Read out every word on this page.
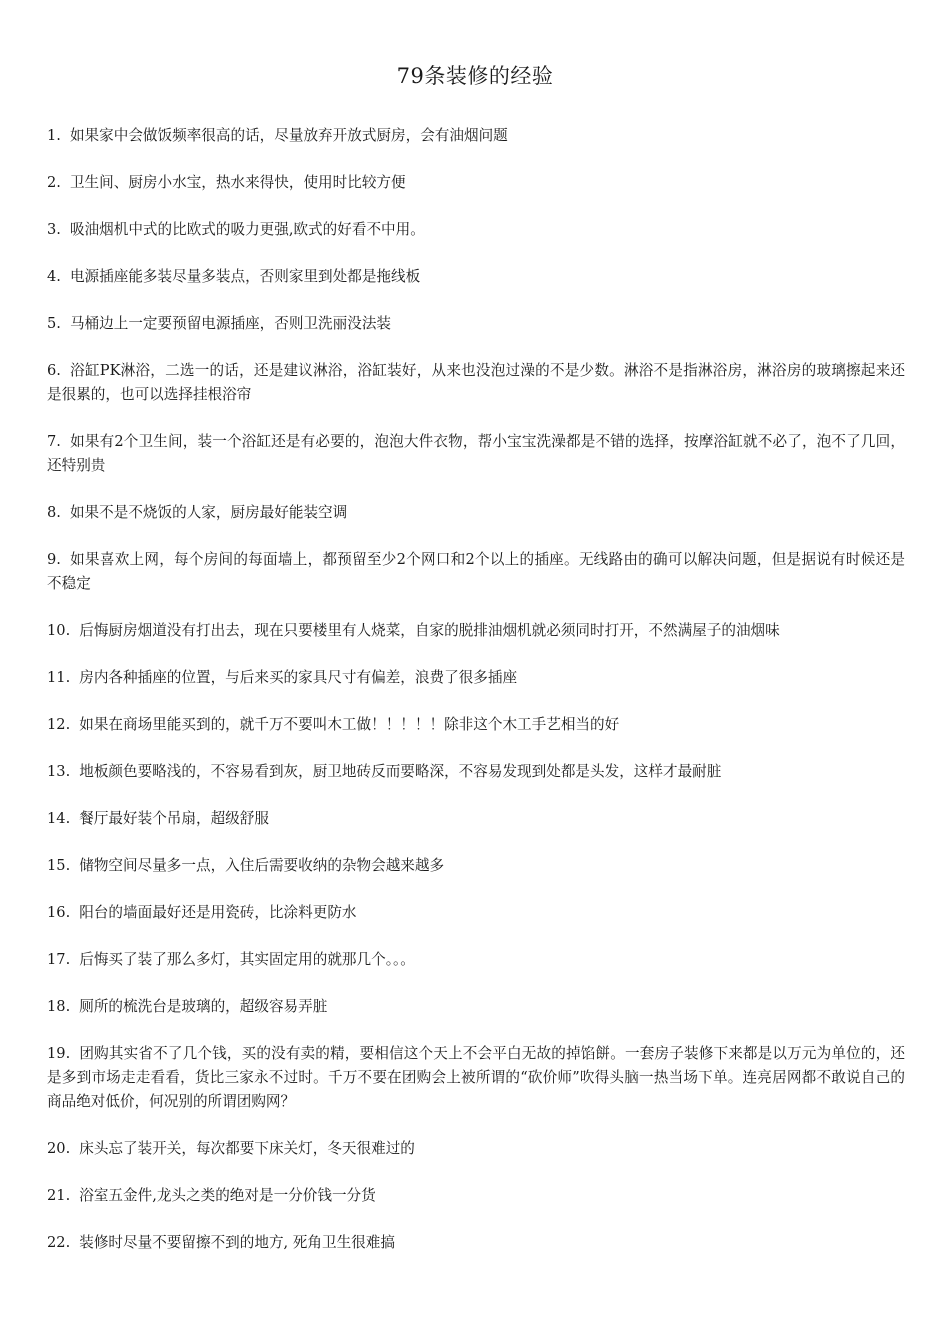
79条装修的经验

1. 如果家中会做饭频率很高的话，尽量放弃开放式厨房，会有油烟问题

2. 卫生间、厨房小水宝，热水来得快，使用时比较方便

3. 吸油烟机中式的比欧式的吸力更强,欧式的好看不中用。

4. 电源插座能多装尽量多装点，否则家里到处都是拖线板

5. 马桶边上一定要预留电源插座，否则卫洗丽没法装

6. 浴缸PK淋浴，二选一的话，还是建议淋浴，浴缸装好，从来也没泡过澡的不是少数。淋浴不是指淋浴房，淋浴房的玻璃擦起来还是很累的，也可以选择挂根浴帘

7. 如果有2个卫生间，装一个浴缸还是有必要的，泡泡大件衣物，帮小宝宝洗澡都是不错的选择，按摩浴缸就不必了，泡不了几回，还特别贵

8. 如果不是不烧饭的人家，厨房最好能装空调

9. 如果喜欢上网，每个房间的每面墙上，都预留至少2个网口和2个以上的插座。无线路由的确可以解决问题，但是据说有时候还是不稳定

10. 后悔厨房烟道没有打出去，现在只要楼里有人烧菜，自家的脱排油烟机就必须同时打开，不然满屋子的油烟味

11. 房内各种插座的位置，与后来买的家具尺寸有偏差，浪费了很多插座

12. 如果在商场里能买到的，就千万不要叫木工做！！！！！除非这个木工手艺相当的好

13. 地板颜色要略浅的，不容易看到灰，厨卫地砖反而要略深，不容易发现到处都是头发，这样才最耐脏

14. 餐厅最好装个吊扇，超级舒服

15. 储物空间尽量多一点，入住后需要收纳的杂物会越来越多

16. 阳台的墙面最好还是用瓷砖，比涂料更防水

17. 后悔买了装了那么多灯，其实固定用的就那几个。。。

18. 厕所的梳洗台是玻璃的，超级容易弄脏

19. 团购其实省不了几个钱，买的没有卖的精，要相信这个天上不会平白无故的掉馅餅。一套房子装修下来都是以万元为单位的，还是多到市场走走看看，货比三家永不过时。千万不要在团购会上被所谓的“砍价师”吹得头脑一热当场下单。连亮居网都不敢说自己的商品绝对低价，何况别的所谓团购网？

20. 床头忘了装开关，每次都要下床关灯，冬天很难过的

21. 浴室五金件,龙头之类的绝对是一分价钱一分货

22. 装修时尽量不要留擦不到的地方, 死角卫生很难搞
